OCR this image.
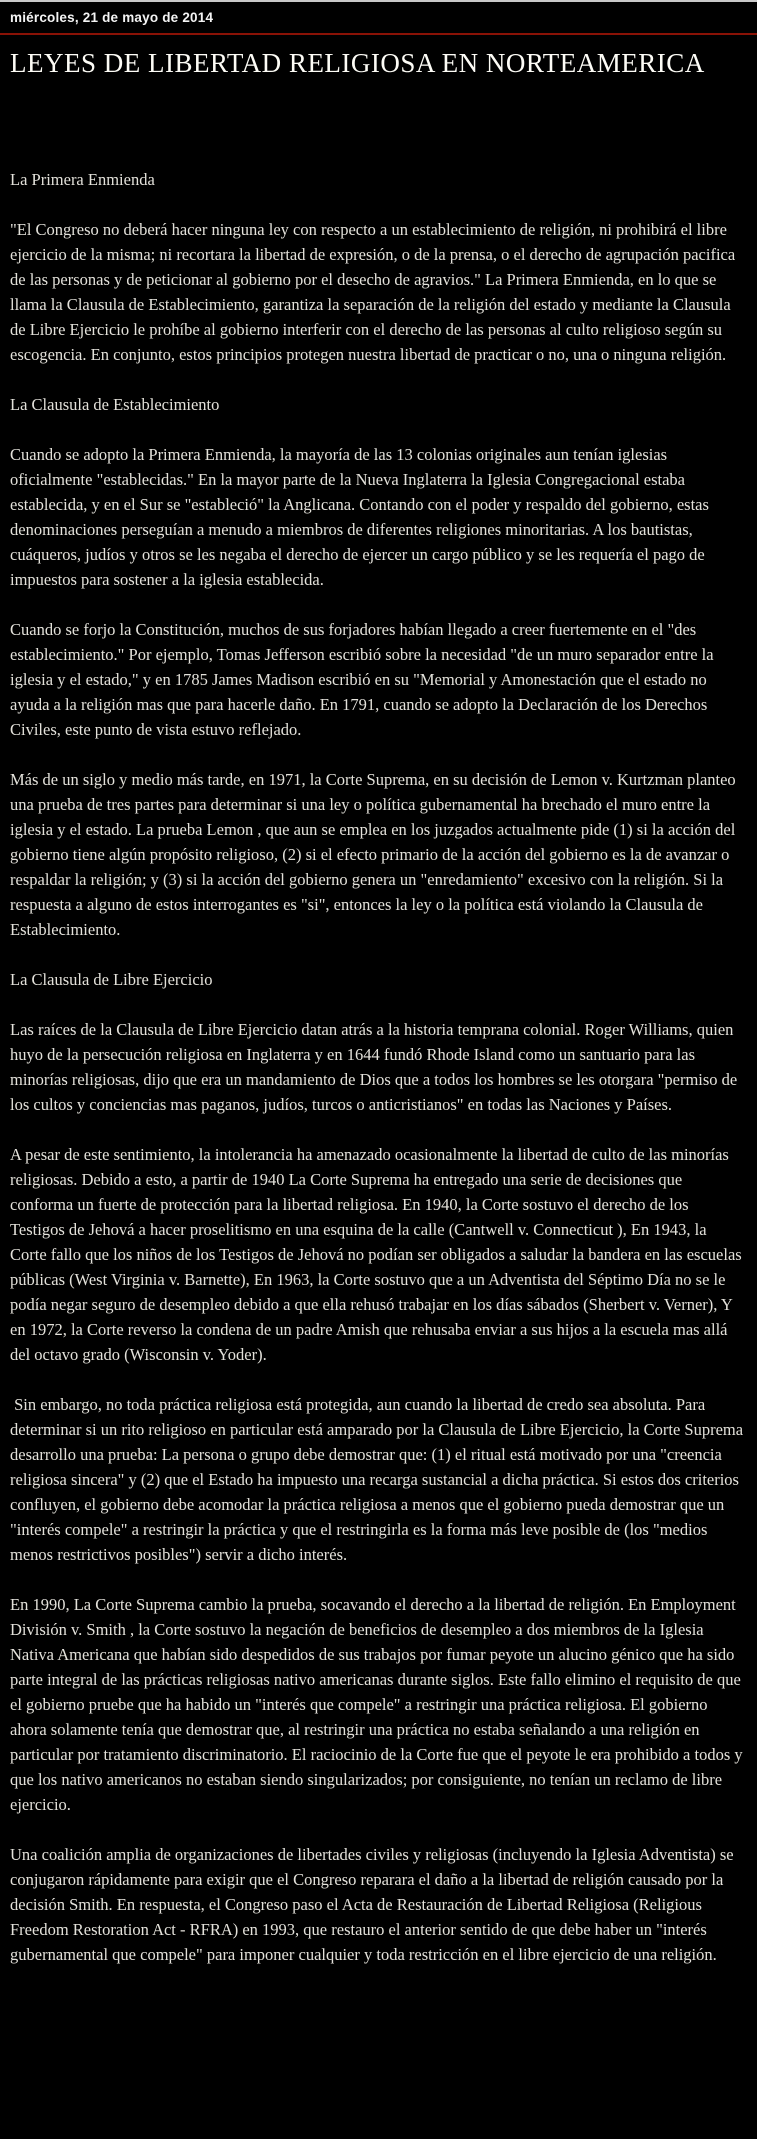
miércoles, 21 de mayo de 2014
LEYES DE LIBERTAD RELIGIOSA EN NORTEAMERICA

La Primera Enmienda

"El Congreso no deberá hacer ninguna ley con respecto a un establecimiento de religión, ni prohibirá el libre ejercicio de la misma; ni recortara la libertad de expresión, o de la prensa, o el derecho de agrupación pacifica de las personas y de peticionar al gobierno por el desecho de agravios." La Primera Enmienda, en lo que se llama la Clausula de Establecimiento, garantiza la separación de la religión del estado y mediante la Clausula de Libre Ejercicio le prohíbe al gobierno interferir con el derecho de las personas al culto religioso según su escogencia. En conjunto, estos principios protegen nuestra libertad de practicar o no, una o ninguna religión.

La Clausula de Establecimiento

Cuando se adopto la Primera Enmienda, la mayoría de las 13 colonias originales aun tenían iglesias oficialmente "establecidas." En la mayor parte de la Nueva Inglaterra la Iglesia Congregacional estaba establecida, y en el Sur se "estableció" la Anglicana. Contando con el poder y respaldo del gobierno, estas denominaciones perseguían a menudo a miembros de diferentes religiones minoritarias. A los bautistas, cuáqueros, judíos y otros se les negaba el derecho de ejercer un cargo público y se les requería el pago de impuestos para sostener a la iglesia establecida.

Cuando se forjo la Constitución, muchos de sus forjadores habían llegado a creer fuertemente en el "des establecimiento." Por ejemplo, Tomas Jefferson escribió sobre la necesidad "de un muro separador entre la iglesia y el estado," y en 1785 James Madison escribió en su "Memorial y Amonestación que el estado no ayuda a la religión mas que para hacerle daño. En 1791, cuando se adopto la Declaración de los Derechos Civiles, este punto de vista estuvo reflejado.

Más de un siglo y medio más tarde, en 1971, la Corte Suprema, en su decisión de Lemon v. Kurtzman planteo una prueba de tres partes para determinar si una ley o política gubernamental ha brechado el muro entre la iglesia y el estado. La prueba Lemon , que aun se emplea en los juzgados actualmente pide (1) si la acción del gobierno tiene algún propósito religioso, (2) si el efecto primario de la acción del gobierno es la de avanzar o respaldar la religión; y (3) si la acción del gobierno genera un "enredamiento" excesivo con la religión. Si la respuesta a alguno de estos interrogantes es "si", entonces la ley o la política está violando la Clausula de Establecimiento.

La Clausula de Libre Ejercicio

Las raíces de la Clausula de Libre Ejercicio datan atrás a la historia temprana colonial. Roger Williams, quien huyo de la persecución religiosa en Inglaterra y en 1644 fundó Rhode Island como un santuario para las minorías religiosas, dijo que era un mandamiento de Dios que a todos los hombres se les otorgara "permiso de los cultos y conciencias mas paganos, judíos, turcos o anticristianos" en todas las Naciones y Países.

A pesar de este sentimiento, la intolerancia ha amenazado ocasionalmente la libertad de culto de las minorías religiosas. Debido a esto, a partir de 1940 La Corte Suprema ha entregado una serie de decisiones que conforma un fuerte de protección para la libertad religiosa. En 1940, la Corte sostuvo el derecho de los Testigos de Jehová a hacer proselitismo en una esquina de la calle (Cantwell v. Connecticut ), En 1943, la Corte fallo que los niños de los Testigos de Jehová no podían ser obligados a saludar la bandera en las escuelas públicas (West Virginia v. Barnette), En 1963, la Corte sostuvo que a un Adventista del Séptimo Día no se le podía negar seguro de desempleo debido a que ella rehusó trabajar en los días sábados (Sherbert v. Verner), Y en 1972, la Corte reverso la condena de un padre Amish que rehusaba enviar a sus hijos a la escuela mas allá del octavo grado (Wisconsin v. Yoder).

Sin embargo, no toda práctica religiosa está protegida, aun cuando la libertad de credo sea absoluta. Para determinar si un rito religioso en particular está amparado por la Clausula de Libre Ejercicio, la Corte Suprema desarrollo una prueba: La persona o grupo debe demostrar que: (1) el ritual está motivado por una "creencia religiosa sincera" y (2) que el Estado ha impuesto una recarga sustancial a dicha práctica. Si estos dos criterios confluyen, el gobierno debe acomodar la práctica religiosa a menos que el gobierno pueda demostrar que un "interés compele" a restringir la práctica y que el restringirla es la forma más leve posible de (los "medios menos restrictivos posibles") servir a dicho interés.

En 1990, La Corte Suprema cambio la prueba, socavando el derecho a la libertad de religión. En Employment División v. Smith , la Corte sostuvo la negación de beneficios de desempleo a dos miembros de la Iglesia Nativa Americana que habían sido despedidos de sus trabajos por fumar peyote un alucino génico que ha sido parte integral de las prácticas religiosas nativo americanas durante siglos. Este fallo elimino el requisito de que el gobierno pruebe que ha habido un "interés que compele" a restringir una práctica religiosa. El gobierno ahora solamente tenía que demostrar que, al restringir una práctica no estaba señalando a una religión en particular por tratamiento discriminatorio. El raciocinio de la Corte fue que el peyote le era prohibido a todos y que los nativo americanos no estaban siendo singularizados; por consiguiente, no tenían un reclamo de libre ejercicio.

Una coalición amplia de organizaciones de libertades civiles y religiosas (incluyendo la Iglesia Adventista) se conjugaron rápidamente para exigir que el Congreso reparara el daño a la libertad de religión causado por la decisión Smith. En respuesta, el Congreso paso el Acta de Restauración de Libertad Religiosa (Religious Freedom Restoration Act - RFRA) en 1993, que restauro el anterior sentido de que debe haber un "interés gubernamental que compele" para imponer cualquier y toda restricción en el libre ejercicio de una religión.
